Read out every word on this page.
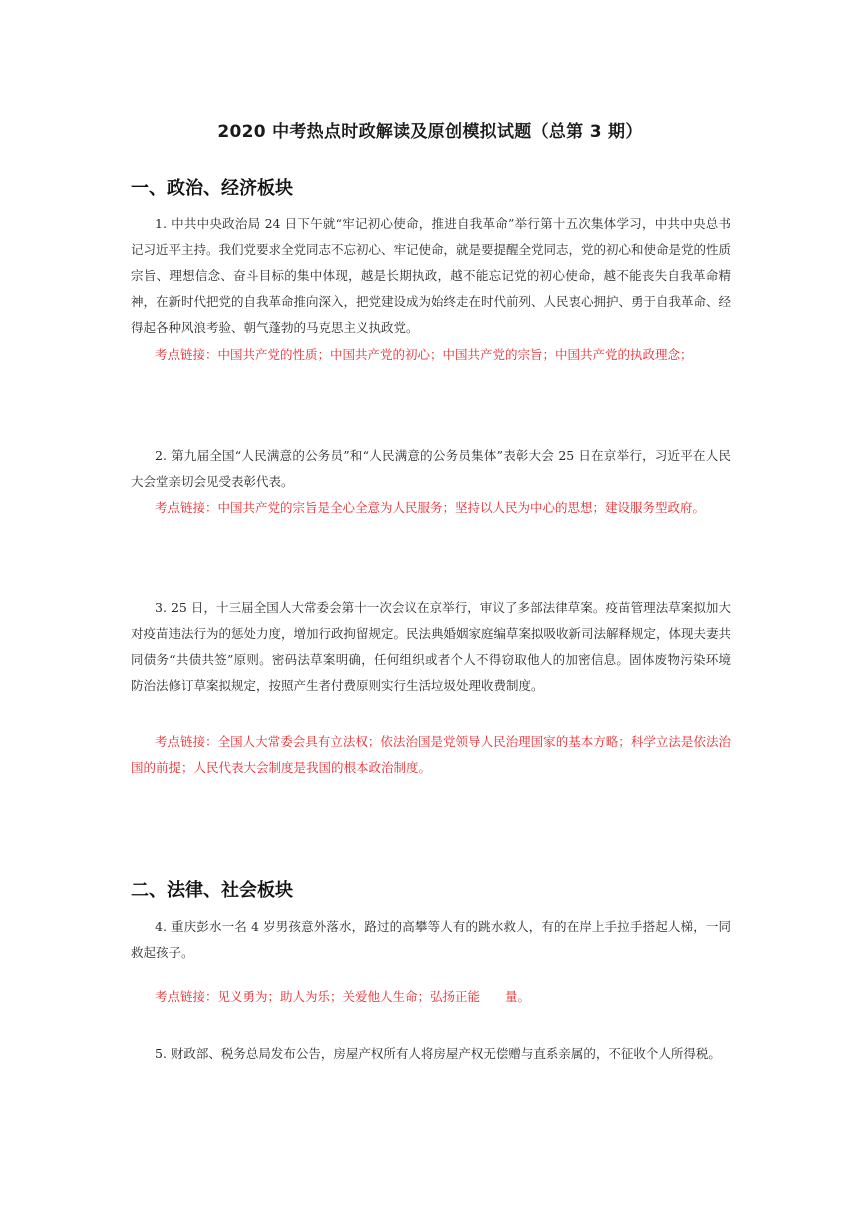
2020 中考热点时政解读及原创模拟试题（总第 3 期）
一、政治、经济板块
1. 中共中央政治局 24 日下午就“牢记初心使命，推进自我革命”举行第十五次集体学习，中共中央总书记习近平主持。我们党要求全党同志不忘初心、牢记使命，就是要提醒全党同志，党的初心和使命是党的性质宗旨、理想信念、奋斗目标的集中体现，越是长期执政，越不能忘记党的初心使命，越不能丧失自我革命精神，在新时代把党的自我革命推向深入，把党建设成为始终走在时代前列、人民衷心拥护、勇于自我革命、经得起各种风浪考验、朝气蓬勃的马克思主义执政党。
考点链接：中国共产党的性质；中国共产党的初心；中国共产党的宗旨；中国共产党的执政理念；
2. 第九届全国“人民满意的公务员”和“人民满意的公务员集体”表彰大会 25 日在京举行，习近平在人民大会堂亲切会见受表彰代表。
考点链接：中国共产党的宗旨是全心全意为人民服务；坚持以人民为中心的思想；建设服务型政府。
3. 25 日，十三届全国人大常委会第十一次会议在京举行，审议了多部法律草案。疫苗管理法草案拟加大对疫苗违法行为的惩处力度，增加行政拘留规定。民法典婚姻家庭编草案拟吸收新司法解释规定，体现夫妻共同债务“共债共签”原则。密码法草案明确，任何组织或者个人不得窃取他人的加密信息。固体废物污染环境防治法修订草案拟规定，按照产生者付费原则实行生活垃圾处理收费制度。
考点链接：全国人大常委会具有立法权；依法治国是党领导人民治理国家的基本方略；科学立法是依法治国的前提；人民代表大会制度是我国的根本政治制度。
二、法律、社会板块
4. 重庆彭水一名 4 岁男孩意外落水，路过的高攀等人有的跳水救人，有的在岸上手拉手搭起人梯，一同救起孩子。
考点链接：见义勇为；助人为乐；关爱他人生命；弘扬正能　　量。
5. 财政部、税务总局发布公告，房屋产权所有人将房屋产权无偿赠与直系亲属的，不征收个人所得税。
